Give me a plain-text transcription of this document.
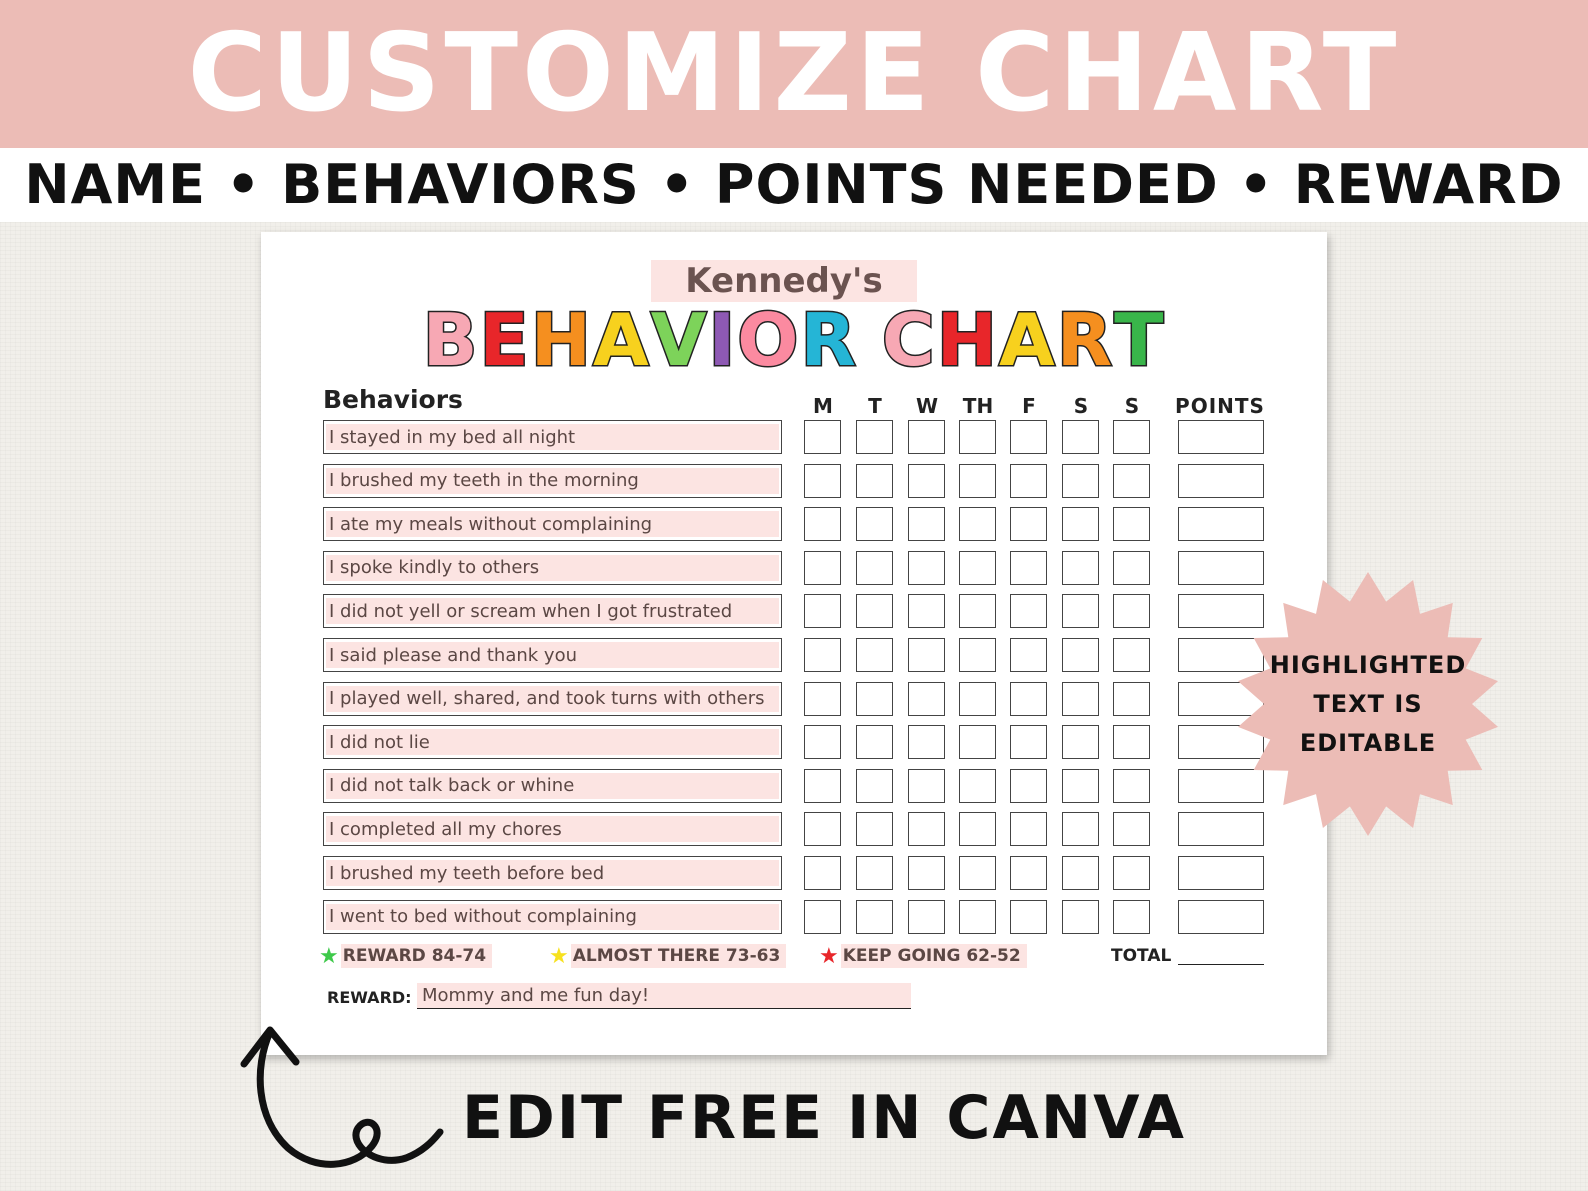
CUSTOMIZE CHART
NAME • BEHAVIORS • POINTS NEEDED • REWARD
Kennedy's
B E H A V I O R C H A R T
Behaviors	M	T	W	TH	F	S	S	POINTS
I stayed in my bed all night
I brushed my teeth in the morning
I ate my meals without complaining
I spoke kindly to others
I did not yell or scream when I got frustrated
I said please and thank you
I played well, shared, and took turns with others
I did not lie
I did not talk back or whine
I completed all my chores
I brushed my teeth before bed
I went to bed without complaining
★ REWARD 84-74	★ ALMOST THERE 73-63 ★ KEEP GOING 62-52	TOTAL
REWARD: Mommy and me fun day!
HIGHLIGHTED
TEXT IS
EDITABLE
EDIT FREE IN CANVA
